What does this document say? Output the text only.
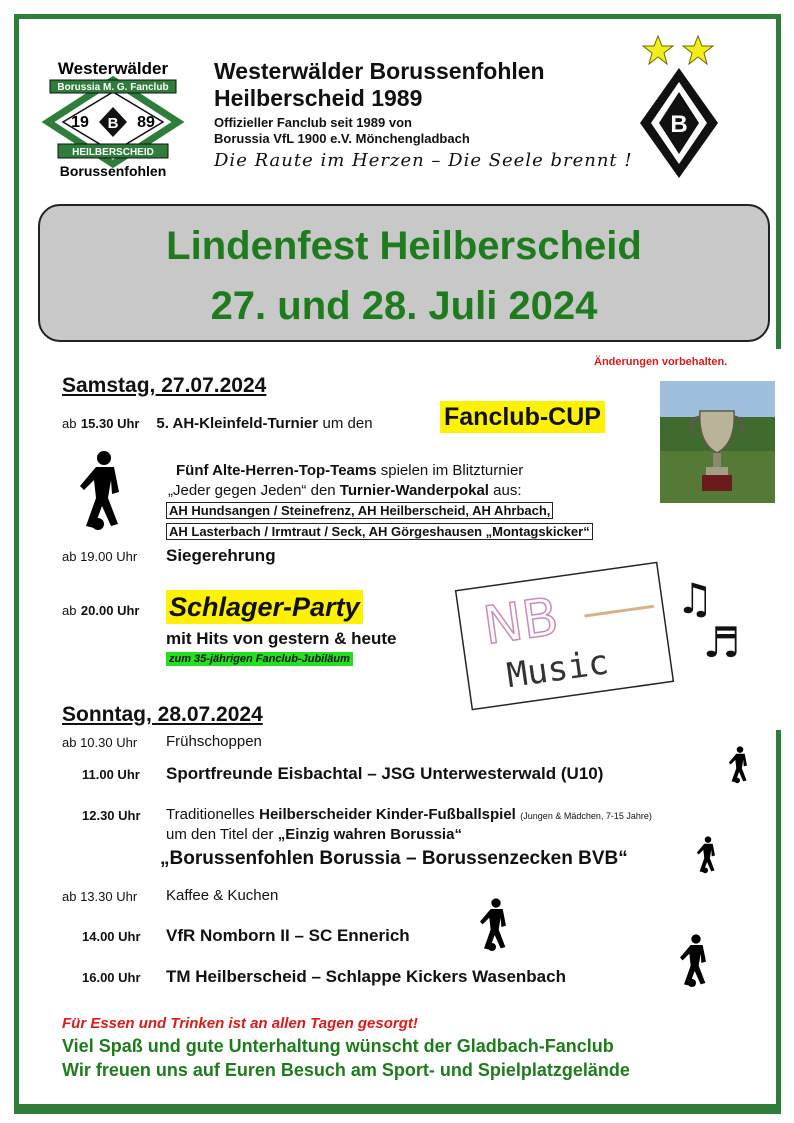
Westerwälder
Borussia M. G. Fanclub
19	89
B
HEILBERSCHEID
Borussenfohlen
Westerwälder Borussenfohlen
Heilberscheid 1989
Offizieller Fanclub seit 1989 von
Borussia VfL 1900 e.V. Mönchengladbach
Die Raute im Herzen – Die Seele brennt !
B
Lindenfest Heilberscheid
27. und 28. Juli 2024
Änderungen vorbehalten.
Samstag, 27.07.2024
ab 15.30 Uhr 5. AH-Kleinfeld-Turnier um den	Fanclub-CUP
Fünf Alte-Herren-Top-Teams spielen im Blitzturnier
„Jeder gegen Jeden“ den Turnier-Wanderpokal aus:
AH Hundsangen / Steinefrenz, AH Heilberscheid, AH Ahrbach,
AH Lasterbach / Irmtraut / Seck, AH Görgeshausen „Montagskicker“
ab 19.00 Uhr Siegerehrung
ab 20.00 Uhr Schlager-Party
mit Hits von gestern & heute
zum 35-jährigen Fanclub-Jubiläum
NB
Music
♫
♬
Sonntag, 28.07.2024
ab 10.30 Uhr Frühschoppen
11.00 Uhr Sportfreunde Eisbachtal – JSG Unterwesterwald (U10)
12.30 Uhr Traditionelles Heilberscheider Kinder-Fußballspiel (Jungen & Mädchen, 7-15 Jahre)
um den Titel der „Einzig wahren Borussia“
„Borussenfohlen Borussia – Borussenzecken BVB“
ab 13.30 Uhr Kaffee & Kuchen
14.00 Uhr VfR Nomborn II – SC Ennerich
16.00 Uhr TM Heilberscheid – Schlappe Kickers Wasenbach
Für Essen und Trinken ist an allen Tagen gesorgt!
Viel Spaß und gute Unterhaltung wünscht der Gladbach-Fanclub
Wir freuen uns auf Euren Besuch am Sport- und Spielplatzgelände
